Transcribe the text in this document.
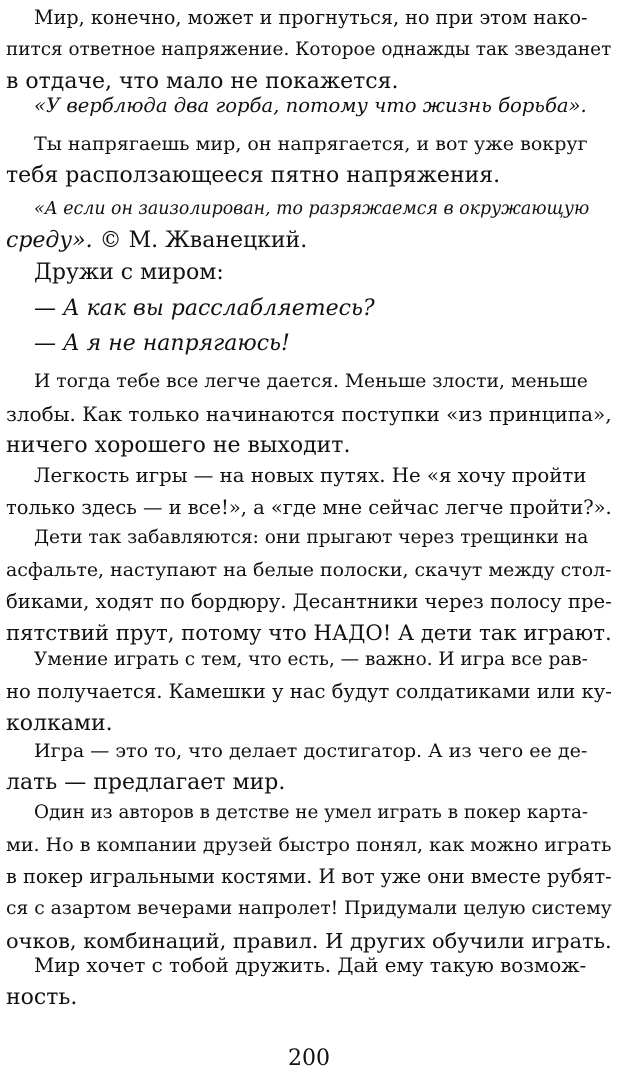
Мир, конечно, может и прогнуться, но при этом нако-
пится ответное напряжение. Которое однажды так звезданет
в отдаче, что мало не покажется.

«У верблюда два горба, потому что жизнь борьба».

Ты напрягаешь мир, он напрягается, и вот уже вокруг
тебя расползающееся пятно напряжения.

«А если он заизолирован, то разряжаемся в окружающую
среду». © М. Жванецкий.

Дружи с миром:

— А как вы расслабляетесь?

— А я не напрягаюсь!

И тогда тебе все легче дается. Меньше злости, меньше
злобы. Как только начинаются поступки «из принципа»,
ничего хорошего не выходит.

Легкость игры — на новых путях. Не «я хочу пройти
только здесь — и все!», а «где мне сейчас легче пройти?».

Дети так забавляются: они прыгают через трещинки на
асфальте, наступают на белые полоски, скачут между стол-
биками, ходят по бордюру. Десантники через полосу пре-
пятствий прут, потому что НАДО! А дети так играют.

Умение играть с тем, что есть, — важно. И игра все рав-
но получается. Камешки у нас будут солдатиками или ку-
колками.

Игра — это то, что делает достигатор. А из чего ее де-
лать — предлагает мир.

Один из авторов в детстве не умел играть в покер карта-
ми. Но в компании друзей быстро понял, как можно играть
в покер игральными костями. И вот уже они вместе рубят-
ся с азартом вечерами напролет! Придумали целую систему
очков, комбинаций, правил. И других обучили играть.

Мир хочет с тобой дружить. Дай ему такую возмож-
ность.

200
